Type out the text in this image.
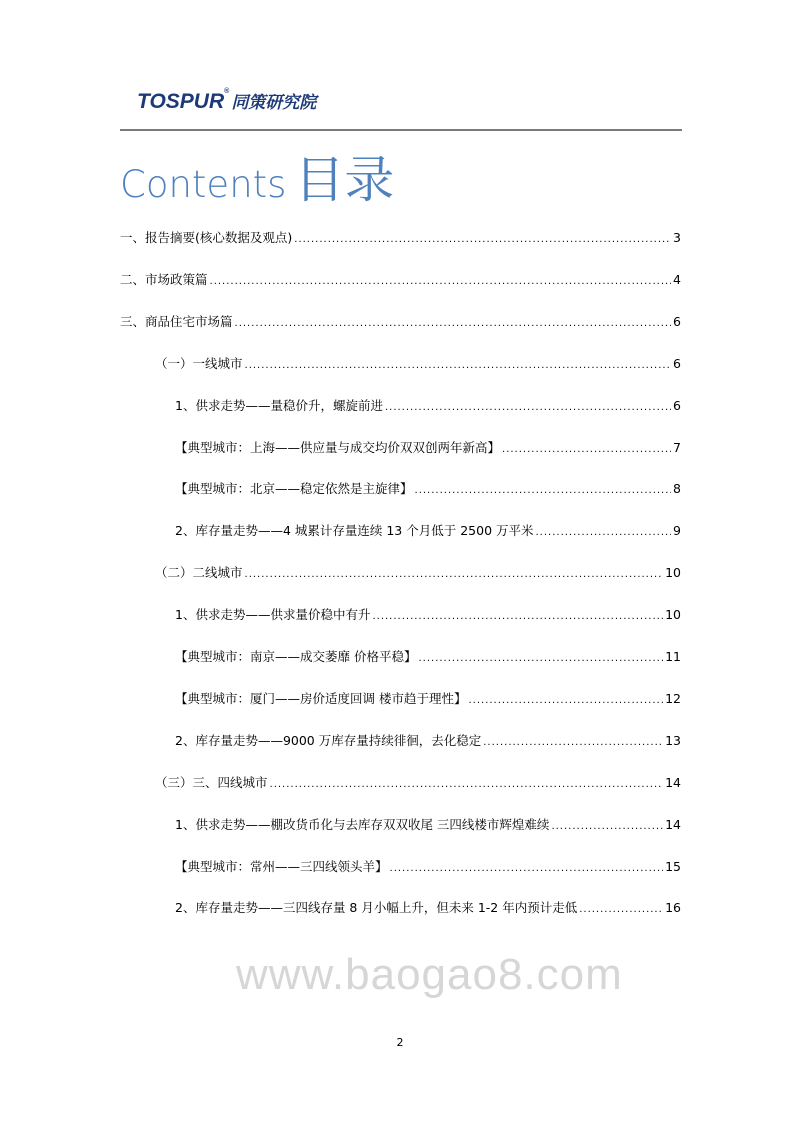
TOSPUR®同策研究院
Contents 目录
一、报告摘要(核心数据及观点) .....	3
二、市场政策篇 .....	4
三、商品住宅市场篇 .....	6
（一）一线城市 .....	6
1、供求走势——量稳价升，螺旋前进 .....	6
【典型城市：上海——供应量与成交均价双双创两年新高】 .....	7
【典型城市：北京——稳定依然是主旋律】 .....	8
2、库存量走势——4 城累计存量连续 13 个月低于 2500 万平米 .....	9
（二）二线城市 .....	10
1、供求走势——供求量价稳中有升 .....	10
【典型城市：南京——成交萎靡 价格平稳】 .....	11
【典型城市：厦门——房价适度回调 楼市趋于理性】 .....	12
2、库存量走势——9000 万库存量持续徘徊，去化稳定 .....	13
（三）三、四线城市 .....	14
1、供求走势——棚改货币化与去库存双双收尾 三四线楼市辉煌难续 .....	14
【典型城市：常州——三四线领头羊】 .....	15
2、库存量走势——三四线存量 8 月小幅上升，但未来 1-2 年内预计走低 .....	16
www.baogao8.com
2
